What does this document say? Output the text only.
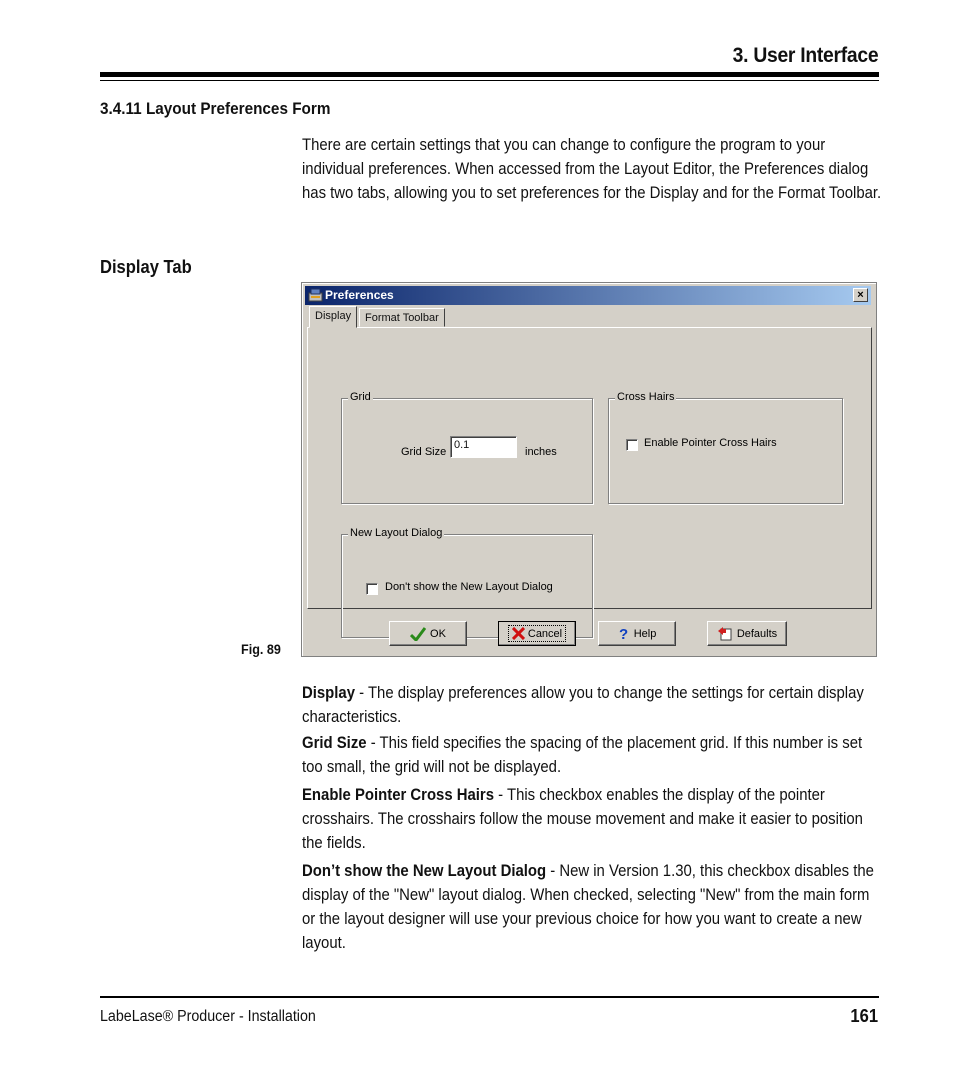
3. User Interface
3.4.11 Layout Preferences Form
There are certain settings that you can change to configure the program to your individual preferences. When accessed from the Layout Editor, the Preferences dialog has two tabs, allowing you to set preferences for the Display and for the Format Toolbar.
Display Tab
Preferences	×
Grid
Grid Size
0.1
inches
Cross Hairs
Enable Pointer Cross Hairs
New Layout Dialog
Don't show the New Layout Dialog
Display	Format Toolbar
OK	Cancel	? Help	Defaults
Fig. 89
Display - The display preferences allow you to change the settings for certain display characteristics.
Grid Size - This field specifies the spacing of the placement grid. If this number is set too small, the grid will not be displayed.
Enable Pointer Cross Hairs - This checkbox enables the display of the pointer crosshairs. The crosshairs follow the mouse movement and make it easier to position the fields.
Don’t show the New Layout Dialog - New in Version 1.30, this checkbox disables the display of the "New" layout dialog. When checked, selecting "New" from the main form or the layout designer will use your previous choice for how you want to create a new layout.
LabeLase® Producer - Installation	161
